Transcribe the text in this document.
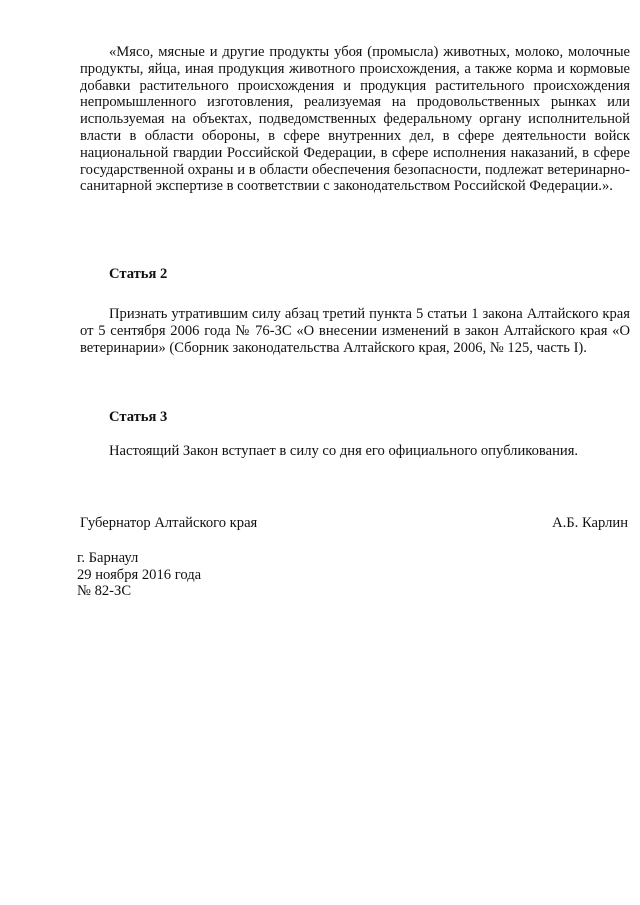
«Мясо, мясные и другие продукты убоя (промысла) животных, молоко, молочные продукты, яйца, иная продукция животного происхождения, а также корма и кормовые добавки растительного происхождения и продукция растительного происхождения непромышленного изготовления, реализуемая на продовольственных рынках или используемая на объектах, подведомственных федеральному органу исполнительной власти в области обороны, в сфере внутренних дел, в сфере деятельности войск национальной гвардии Российской Федерации, в сфере исполнения наказаний, в сфере государственной охраны и в области обеспечения безопасности, подлежат ветеринарно-санитарной экспертизе в соответствии с законодательством Российской Федерации.».

Статья 2

Признать утратившим силу абзац третий пункта 5 статьи 1 закона Алтайского края от 5 сентября 2006 года № 76-ЗС «О внесении изменений в закон Алтайского края «О ветеринарии» (Сборник законодательства Алтайского края, 2006, № 125, часть I).

Статья 3

Настоящий Закон вступает в силу со дня его официального опубликования.

Губернатор Алтайского края	А.Б. Карлин
г. Барнаул
29 ноября 2016 года
№ 82-ЗС
